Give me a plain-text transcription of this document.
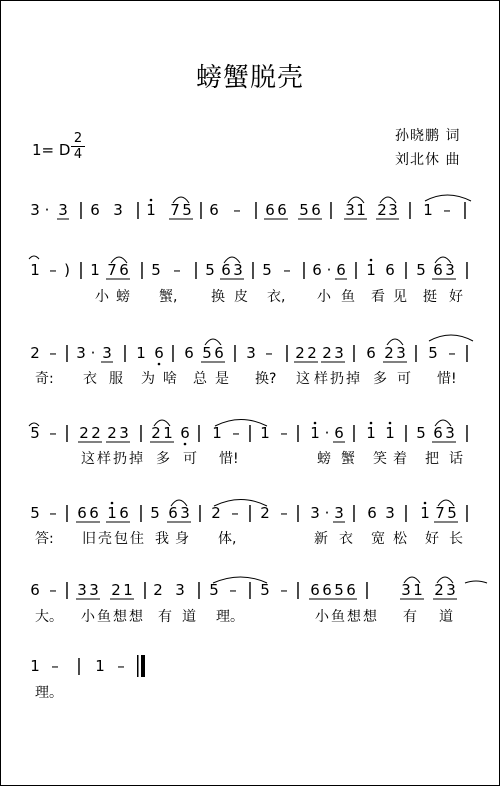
螃蟹脱壳
1= D
2
4
孙晓鹏 词
刘北休 曲
3 · 3 | 6 3 | 1 7 5 | 6 – | 6 6 5 6 | 3 1 2 3 | 1 – |
1 – ) | 1 7 6 | 5 – | 5 6 3 | 5 – | 6 · 6 | 1 6 | 5 6 3 |
小 螃 蟹, 换 皮 衣, 小 鱼 看 见 挺 好
2 – | 3 · 3 | 1 6 | 6 5 6 | 3 – | 2 2 2 3 | 6 2 3 | 5 – |
奇: 衣 服 为 啥 总 是 换? 这 样 扔 掉 多 可 惜!
5 – | 2 2 2 3 | 2 1 6 | 1 – | 1 – | 1 · 6 | 1 1 | 5 6 3 |
这 样 扔 掉 多 可 惜!	螃 蟹 笑 着 把 话
5 – | 6 6 1 6 | 5 6 3 | 2 – | 2 – | 3 · 3 | 6 3 | 1 7 5 |
答: 旧 壳 包 住 我 身 体,	新 衣 宽 松 好 长
6 – | 3 3 2 1 | 2 3 | 5 – | 5 – | 6 6 5 6 | 3 1 2 3
大。 小 鱼 想 想 有 道 理。	小 鱼 想 想 有 道
1 – | 1 –
理。
